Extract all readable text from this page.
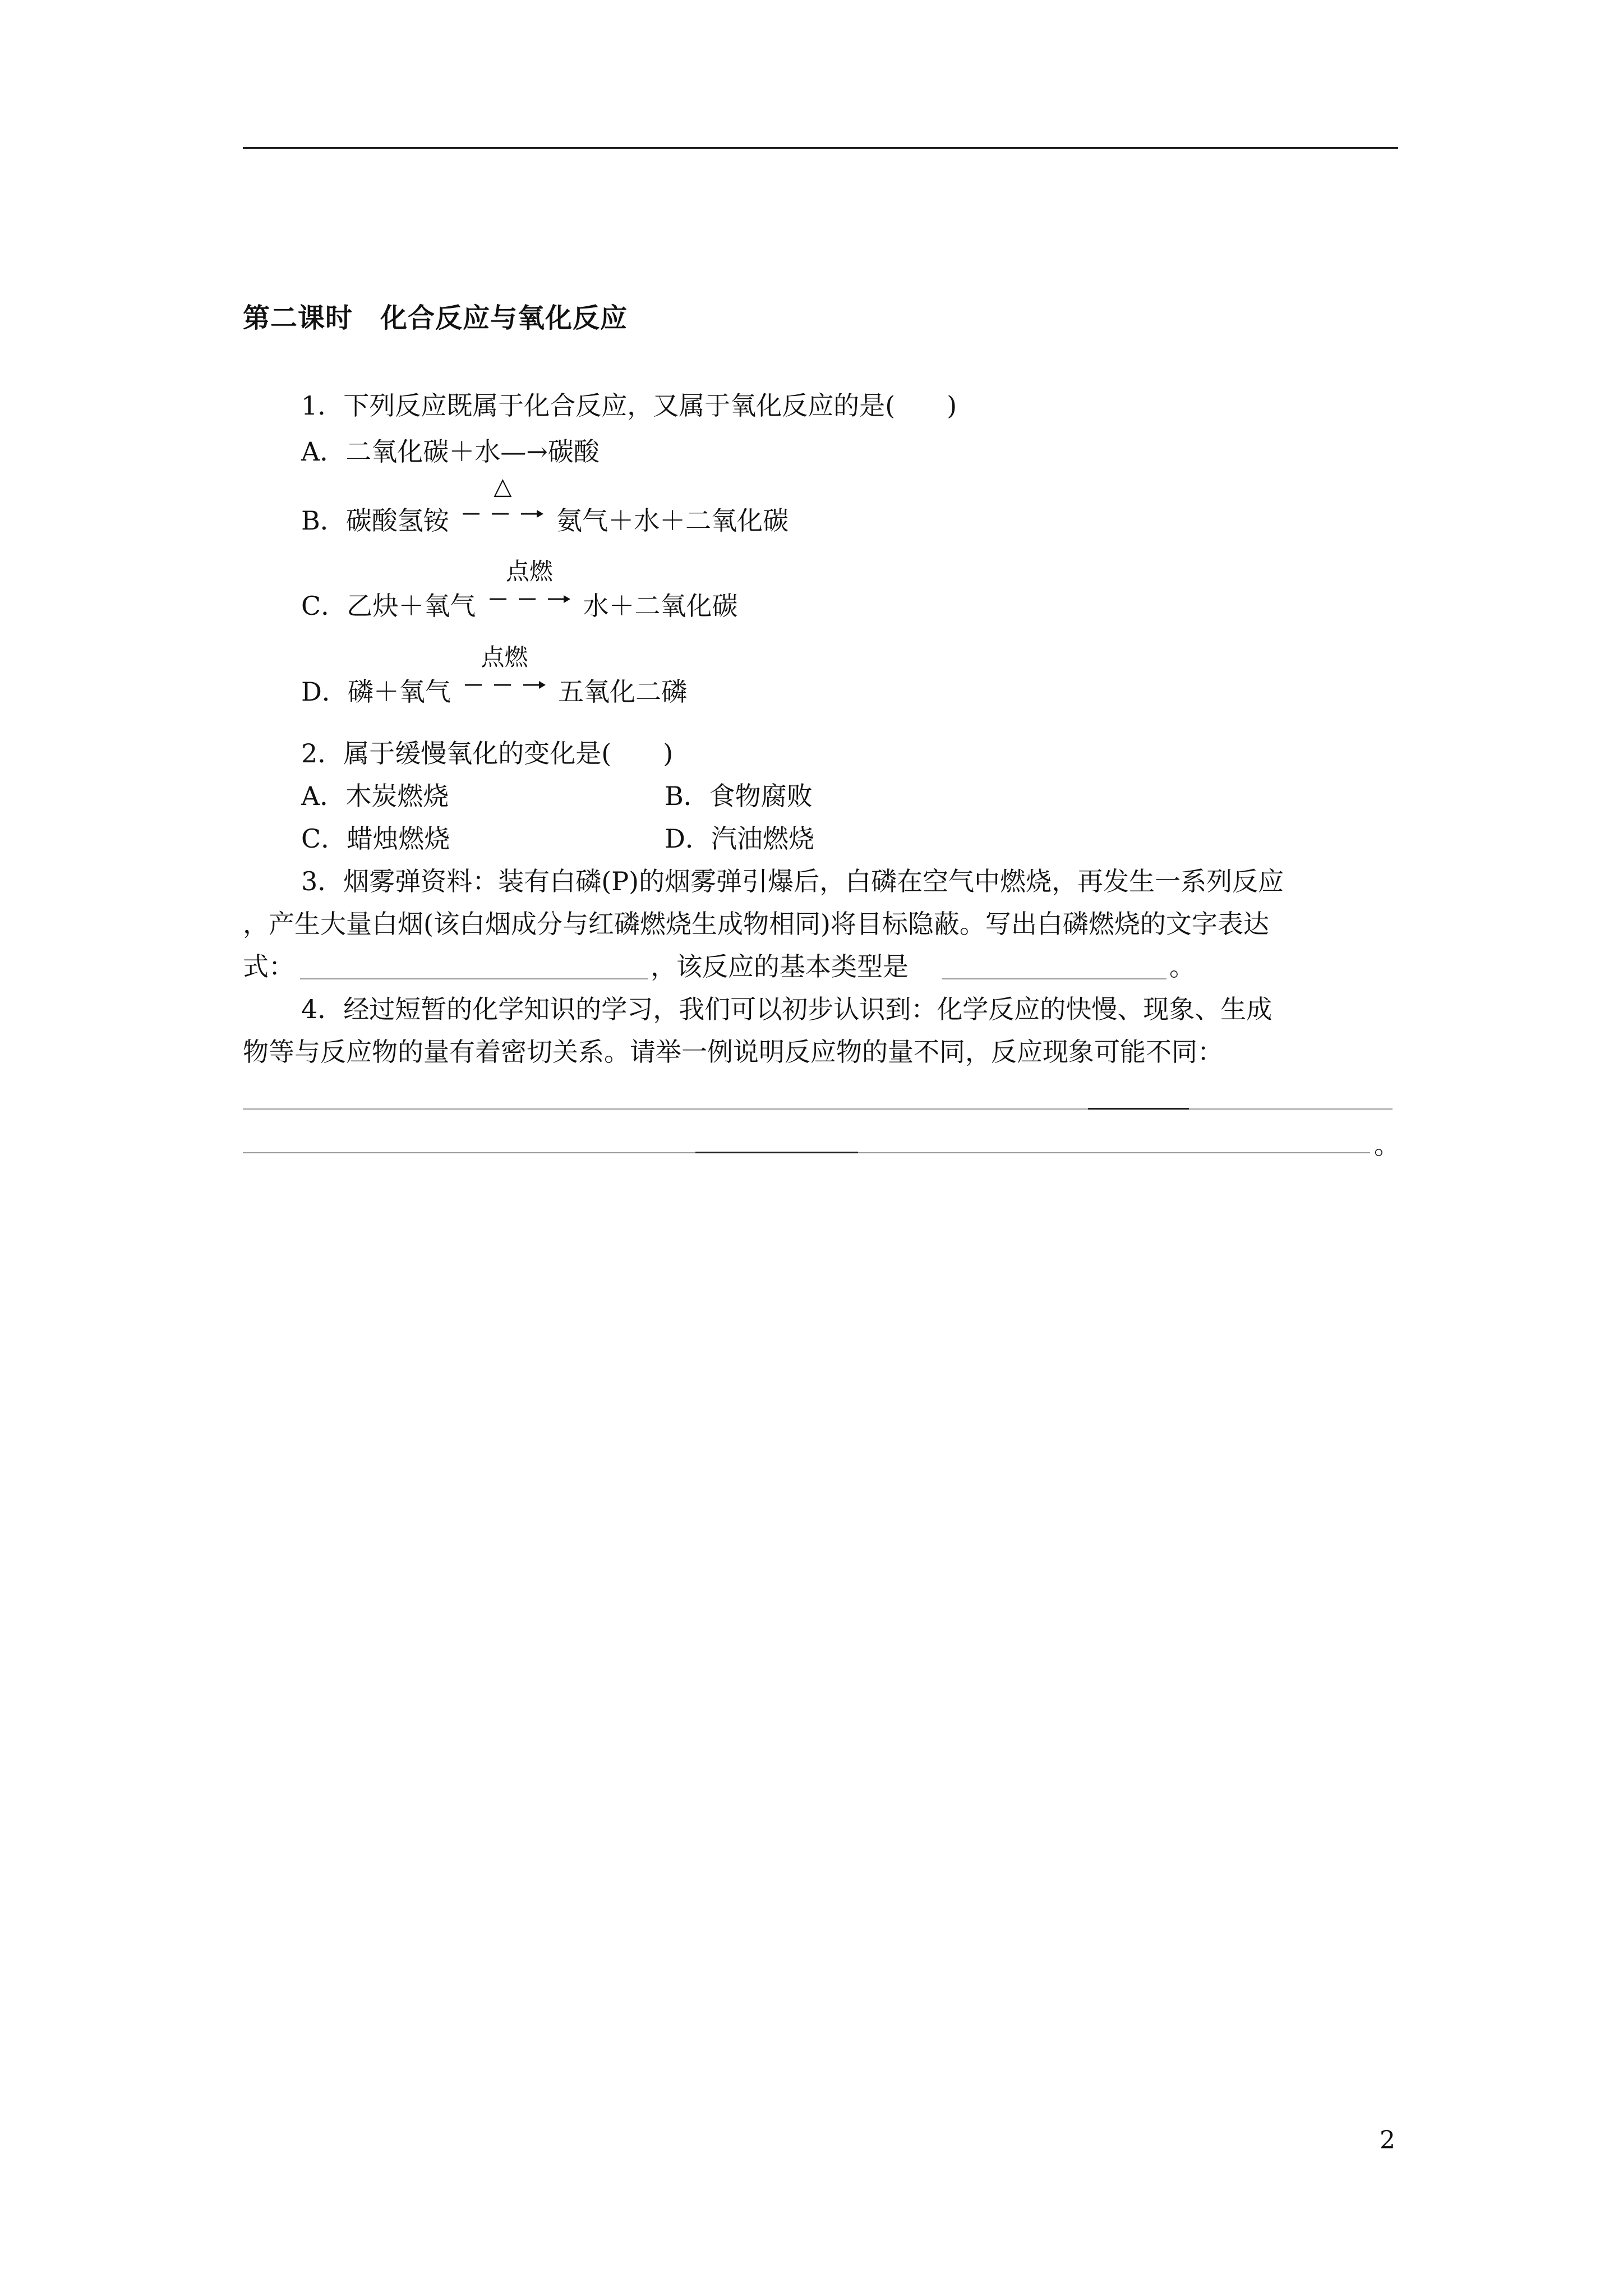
第二课时　化合反应与氧化反应
1．下列反应既属于化合反应，又属于氧化反应的是(　　)
A．二氧化碳＋水—→碳酸
B．碳酸氢铵
△
氨气＋水＋二氧化碳
C．乙炔＋氧气
点燃
水＋二氧化碳
D．磷＋氧气
点燃
五氧化二磷
2．属于缓慢氧化的变化是(　　)
A．木炭燃烧	B．食物腐败
C．蜡烛燃烧	D．汽油燃烧
3．烟雾弹资料：装有白磷(P)的烟雾弹引爆后，白磷在空气中燃烧，再发生一系列反应
，产生大量白烟(该白烟成分与红磷燃烧生成物相同)将目标隐蔽。写出白磷燃烧的文字表达
式：	，该反应的基本类型是	。
4．经过短暂的化学知识的学习，我们可以初步认识到：化学反应的快慢、现象、生成
物等与反应物的量有着密切关系。请举一例说明反应物的量不同，反应现象可能不同：
。
2
